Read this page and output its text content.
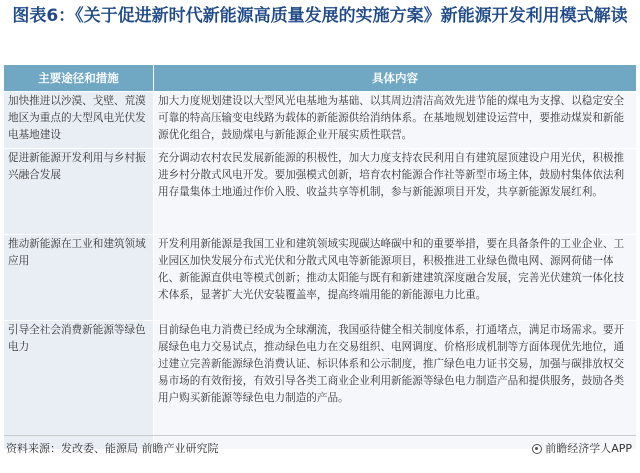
图表6：《关于促进新时代新能源高质量发展的实施方案》新能源开发利用模式解读
主要途径和措施	具体内容
加快推进以沙漠、戈壁、荒漠地区为重点的大型风电光伏发电基地建设
加大力度规划建设以大型风光电基地为基础、以其周边清洁高效先进节能的煤电为支撑、以稳定安全可靠的特高压输变电线路为载体的新能源供给消纳体系。在基地规划建设运营中，要推动煤炭和新能源优化组合，鼓励煤电与新能源企业开展实质性联营。
促进新能源开发利用与乡村振兴融合发展
充分调动农村农民发展新能源的积极性，加大力度支持农民利用自有建筑屋顶建设户用光伏，积极推进乡村分散式风电开发。要加强模式创新，培育农村能源合作社等新型市场主体，鼓励村集体依法利用存量集体土地通过作价入股、收益共享等机制，参与新能源项目开发，共享新能源发展红利。
推动新能源在工业和建筑领域应用
开发利用新能源是我国工业和建筑领域实现碳达峰碳中和的重要举措，要在具备条件的工业企业、工业园区加快发展分布式光伏和分散式风电等新能源项目，积极推进工业绿色微电网、源网荷储一体化、新能源直供电等模式创新；推动太阳能与既有和新建建筑深度融合发展，完善光伏建筑一体化技术体系，显著扩大光伏安装覆盖率，提高终端用能的新能源电力比重。
引导全社会消费新能源等绿色电力
目前绿色电力消费已经成为全球潮流，我国亟待健全相关制度体系，打通堵点，满足市场需求。要开展绿色电力交易试点，推动绿色电力在交易组织、电网调度、价格形成机制等方面体现优先地位，通过建立完善新能源绿色消费认证、标识体系和公示制度，推广绿色电力证书交易，加强与碳排放权交易市场的有效衔接，有效引导各类工商业企业利用新能源等绿色电力制造产品和提供服务，鼓励各类用户购买新能源等绿色电力制造的产品。
资料来源：发改委、能源局 前瞻产业研究院	前瞻经济学人APP
